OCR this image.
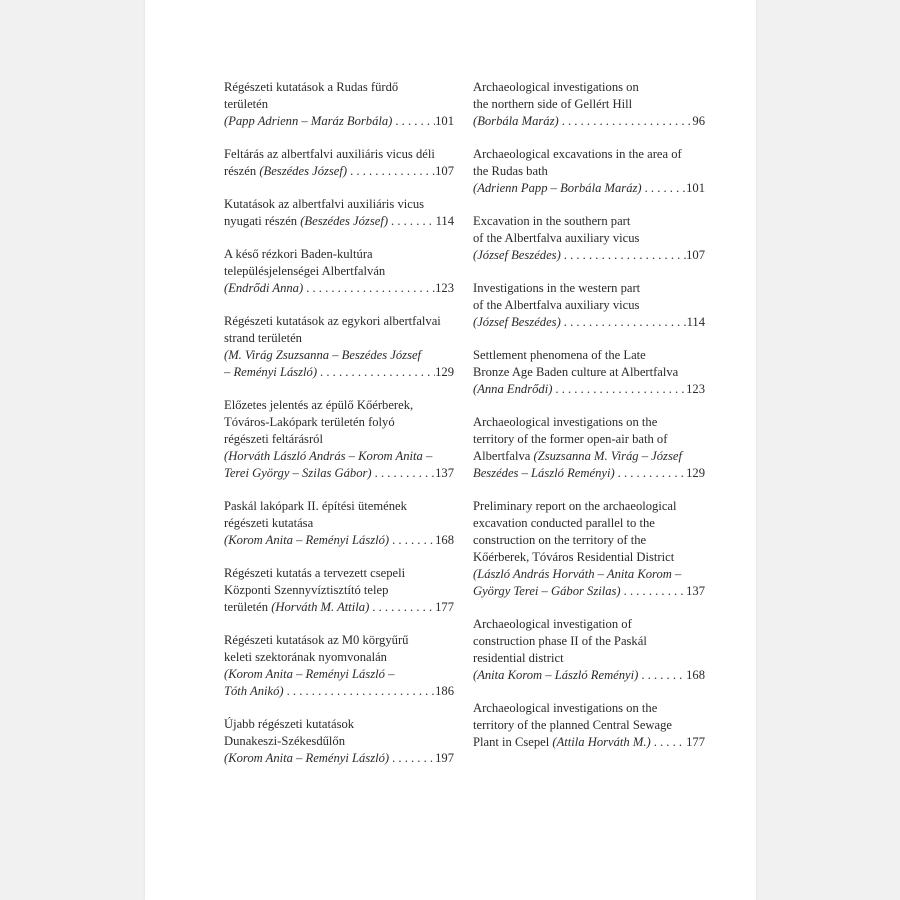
Régészeti kutatások a Rudas fürdő
területén
(Papp Adrienn – Maráz Borbála) . . .	101
Feltárás az albertfalvi auxiliáris vicus déli
részén (Beszédes József) . . .	107
Kutatások az albertfalvi auxiliáris vicus
nyugati részén (Beszédes József) . . .	114
A késő rézkori Baden-kultúra
településjelenségei Albertfalván
(Endrődi Anna) . . .	123
Régészeti kutatások az egykori albertfalvai
strand területén
(M. Virág Zsuzsanna – Beszédes József
– Reményi László) . . .	129
Előzetes jelentés az épülő Kőérberek,
Tóváros-Lakópark területén folyó
régészeti feltárásról
(Horváth László András – Korom Anita –
Terei György – Szilas Gábor) . . .	137
Paskál lakópark II. építési ütemének
régészeti kutatása
(Korom Anita – Reményi László) . . .	168
Régészeti kutatás a tervezett csepeli
Központi Szennyvíztisztító telep
területén (Horváth M. Attila) . . .	177
Régészeti kutatások az M0 körgyűrű
keleti szektorának nyomvonalán
(Korom Anita – Reményi László –
Tóth Anikó) . . .	186
Újabb régészeti kutatások
Dunakeszi-Székesdűlőn
(Korom Anita – Reményi László) . . .	197
Archaeological investigations on
the northern side of Gellért Hill
(Borbála Maráz) . . .	96
Archaeological excavations in the area of
the Rudas bath
(Adrienn Papp – Borbála Maráz) . . .	101
Excavation in the southern part
of the Albertfalva auxiliary vicus
(József Beszédes) . . .	107
Investigations in the western part
of the Albertfalva auxiliary vicus
(József Beszédes) . . .	114
Settlement phenomena of the Late
Bronze Age Baden culture at Albertfalva
(Anna Endrődi) . . .	123
Archaeological investigations on the
territory of the former open-air bath of
Albertfalva (Zsuzsanna M. Virág – József
Beszédes – László Reményi) . . .	129
Preliminary report on the archaeological
excavation conducted parallel to the
construction on the territory of the
Kőérberek, Tóváros Residential District
(László András Horváth – Anita Korom –
György Terei – Gábor Szilas) . . .	137
Archaeological investigation of
construction phase II of the Paskál
residential district
(Anita Korom – László Reményi) . . .	168
Archaeological investigations on the
territory of the planned Central Sewage
Plant in Csepel (Attila Horváth M.) . . .	177
